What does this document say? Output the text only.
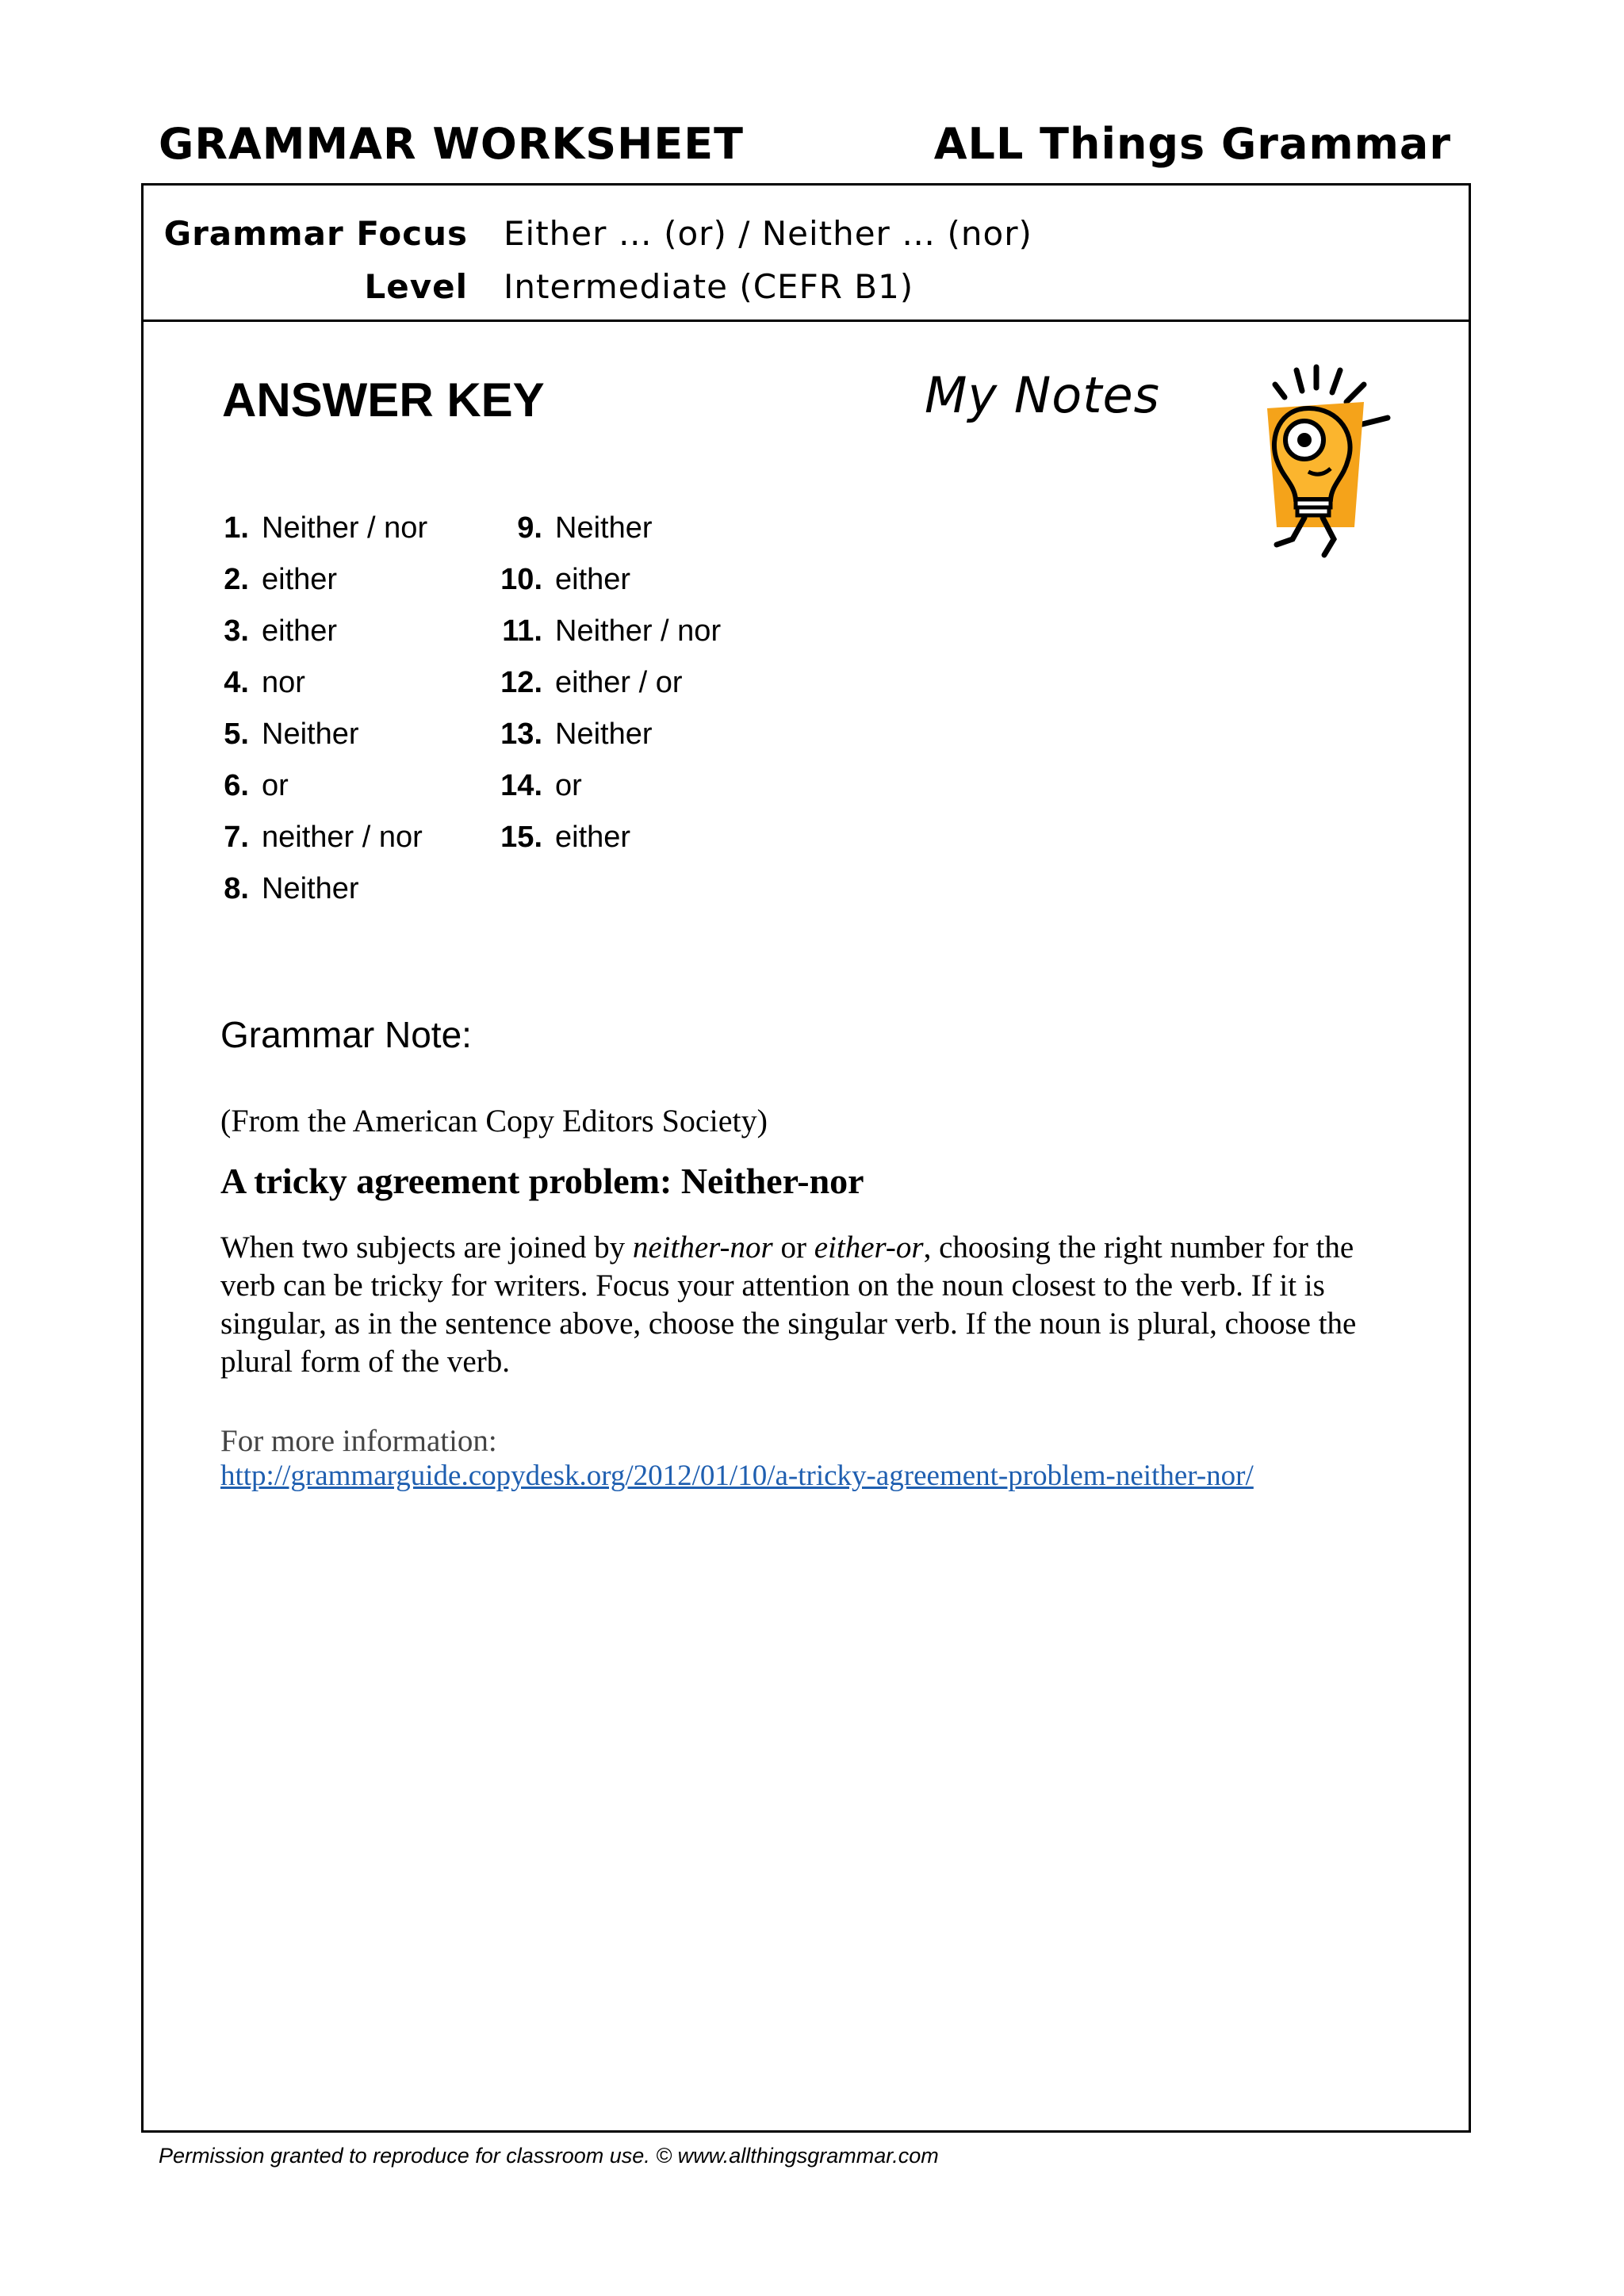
GRAMMAR WORKSHEET	ALL Things Grammar
Grammar Focus Either … (or) / Neither … (nor)
Level Intermediate (CEFR B1)
ANSWER KEY	My Notes
1. Neither / nor
2. either
3. either
4. nor
5. Neither
6. or
7. neither / nor
8. Neither
9. Neither
10. either
11. Neither / nor
12. either / or
13. Neither
14. or
15. either
Grammar Note:
(From the American Copy Editors Society)
A tricky agreement problem: Neither-nor
When two subjects are joined by neither-nor or either-or, choosing the right number for the verb can be tricky for writers. Focus your attention on the noun closest to the verb. If it is singular, as in the sentence above, choose the singular verb. If the noun is plural, choose the plural form of the verb.
For more information:
http://grammarguide.copydesk.org/2012/01/10/a-tricky-agreement-problem-neither-nor/
Permission granted to reproduce for classroom use. © www.allthingsgrammar.com
